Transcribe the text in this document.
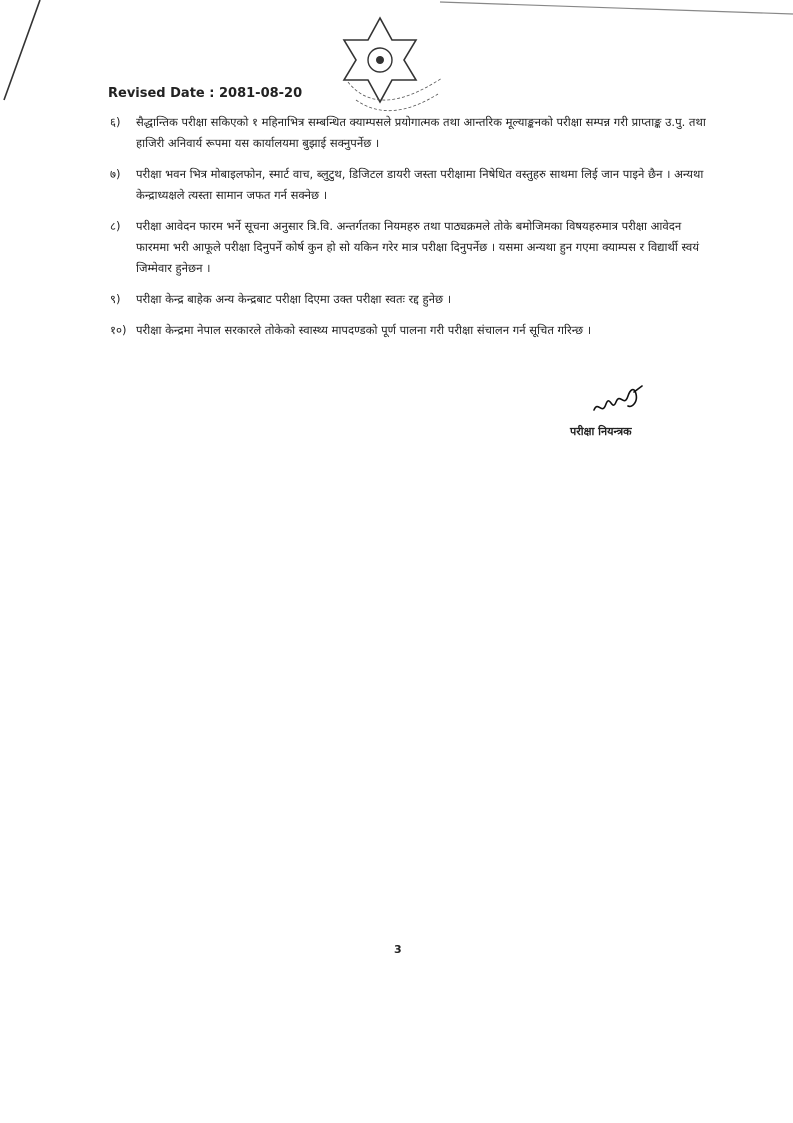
Revised Date : 2081-08-20
६)	सैद्धान्तिक परीक्षा सकिएको १ महिनाभित्र सम्बन्धित क्याम्पसले प्रयोगात्मक तथा आन्तरिक मूल्याङ्कनको परीक्षा सम्पन्न गरी प्राप्ताङ्क उ.पु. तथा हाजिरी अनिवार्य रूपमा यस कार्यालयमा बुझाई सक्नुपर्नेछ ।
७)	परीक्षा भवन भित्र मोबाइलफोन, स्मार्ट वाच, ब्लुटुथ, डिजिटल डायरी जस्ता परीक्षामा निषेधित वस्तुहरु साथमा लिई जान पाइने छैन । अन्यथा केन्द्राध्यक्षले त्यस्ता सामान जफत गर्न सक्नेछ ।
८)	परीक्षा आवेदन फारम भर्ने सूचना अनुसार त्रि.वि. अन्तर्गतका नियमहरु तथा पाठ्यक्रमले तोके बमोजिमका विषयहरुमात्र परीक्षा आवेदन फारममा भरी आफूले परीक्षा दिनुपर्ने कोर्ष कुन हो सो यकिन गरेर मात्र परीक्षा दिनुपर्नेछ । यसमा अन्यथा हुन गएमा क्याम्पस र विद्यार्थी स्वयं जिम्मेवार हुनेछन ।
९)	परीक्षा केन्द्र बाहेक अन्य केन्द्रबाट परीक्षा दिएमा उक्त परीक्षा स्वतः रद्द हुनेछ ।
१०) परीक्षा केन्द्रमा नेपाल सरकारले तोकेको स्वास्थ्य मापदण्डको पूर्ण पालना गरी परीक्षा संचालन गर्न सूचित गरिन्छ ।
परीक्षा नियन्त्रक
3
